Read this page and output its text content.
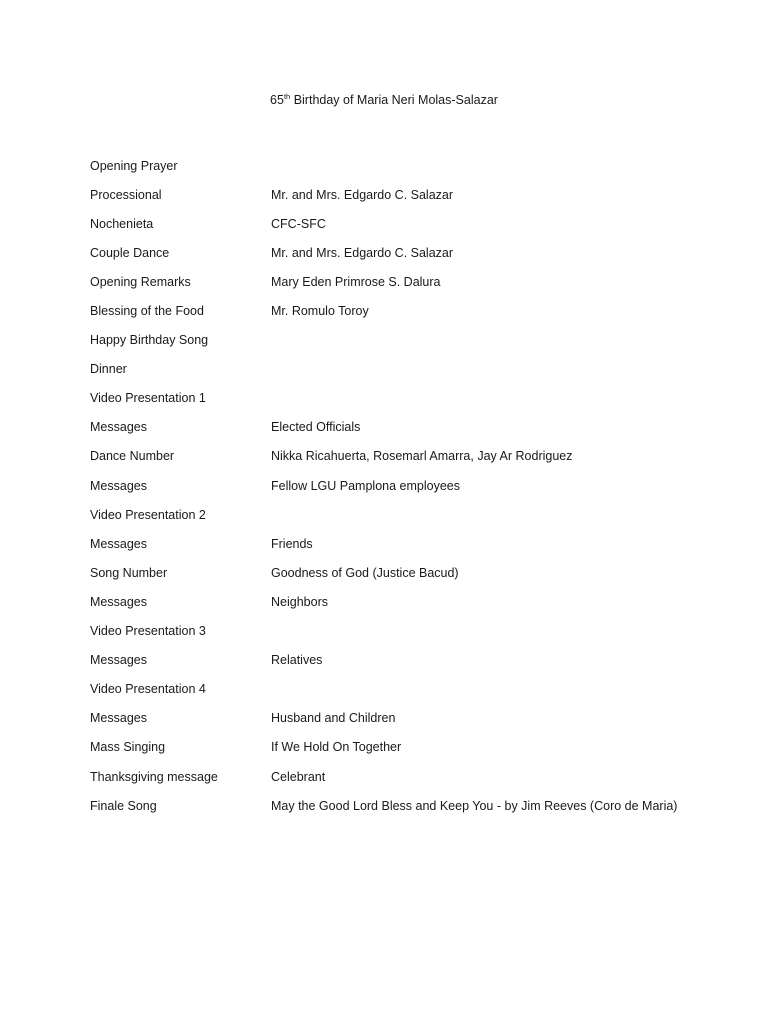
65th Birthday of Maria Neri Molas-Salazar
Opening Prayer
Processional	Mr. and Mrs. Edgardo C. Salazar
Nochenieta	CFC-SFC
Couple Dance	Mr. and Mrs. Edgardo C. Salazar
Opening Remarks	Mary Eden Primrose S. Dalura
Blessing of the Food	Mr. Romulo Toroy
Happy Birthday Song
Dinner
Video Presentation 1
Messages	Elected Officials
Dance Number	Nikka Ricahuerta, Rosemarl Amarra, Jay Ar Rodriguez
Messages	Fellow LGU Pamplona employees
Video Presentation 2
Messages	Friends
Song Number	Goodness of God (Justice Bacud)
Messages	Neighbors
Video Presentation 3
Messages	Relatives
Video Presentation 4
Messages	Husband and Children
Mass Singing	If We Hold On Together
Thanksgiving message	Celebrant
Finale Song	May the Good Lord Bless and Keep You - by Jim Reeves (Coro de Maria)
